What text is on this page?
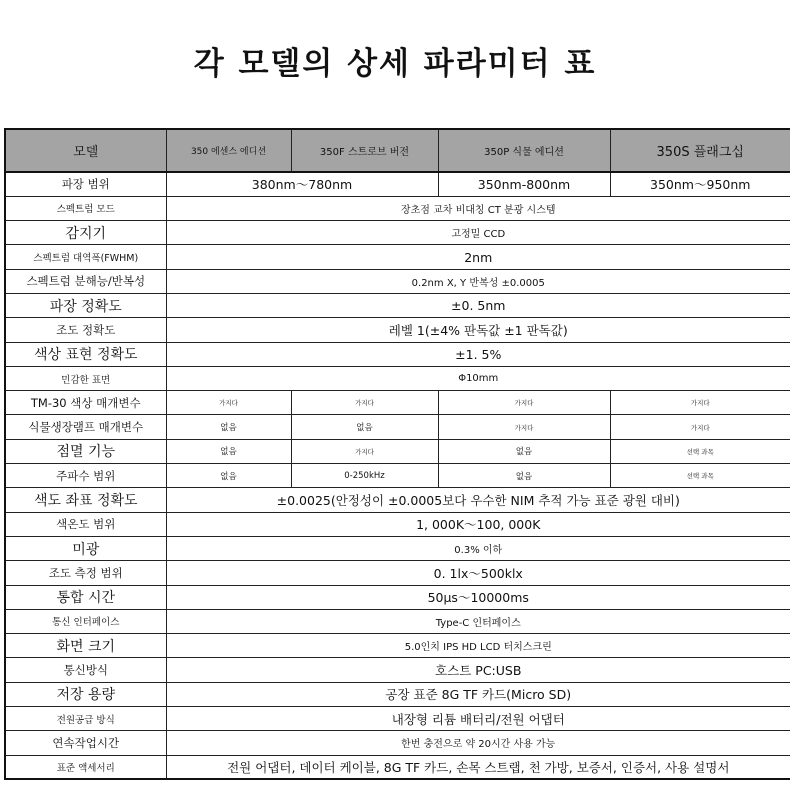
각 모델의 상세 파라미터 표
모델	350 에센스 에디션	350F 스트로브 버전	350P 식물 에디션	350S 플래그십
파장 범위	380nm～780nm		350nm-800nm	350nm～950nm
스펙트럼 모드	장초점 교차 비대칭 CT 분광 시스템			
감지기	고정밀 CCD			
스펙트럼 대역폭(FWHM)	2nm			
스펙트럼 분해능/반복성	0.2nm X, Y 반복성 ±0.0005			
파장 정확도	±0. 5nm			
조도 정확도	레벨 1(±4% 판독값 ±1 판독값)			
색상 표현 정확도	±1. 5%			
민감한 표면	Φ10mm			
TM-30 색상 매개변수	가지다	가지다	가지다	가지다
식물생장램프 매개변수	없음	없음	가지다	가지다
점멸 기능	없음	가지다	없음	선택 과목
주파수 범위	없음	0-250kHz	없음	선택 과목
색도 좌표 정확도	±0.0025(안정성이 ±0.0005보다 우수한 NIM 추적 가능 표준 광원 대비)			
색온도 범위	1, 000K～100, 000K			
미광	0.3% 이하			
조도 측정 범위	0. 1lx～500klx			
통합 시간	50μs～10000ms			
통신 인터페이스	Type-C 인터페이스			
화면 크기	5.0인치 IPS HD LCD 터치스크린			
통신방식	호스트 PC:USB			
저장 용량	공장 표준 8G TF 카드(Micro SD)			
전원공급 방식	내장형 리튬 배터리/전원 어댑터			
연속작업시간	한번 충전으로 약 20시간 사용 가능			
표준 액세서리	전원 어댑터, 데이터 케이블, 8G TF 카드, 손목 스트랩, 천 가방, 보증서, 인증서, 사용 설명서			
